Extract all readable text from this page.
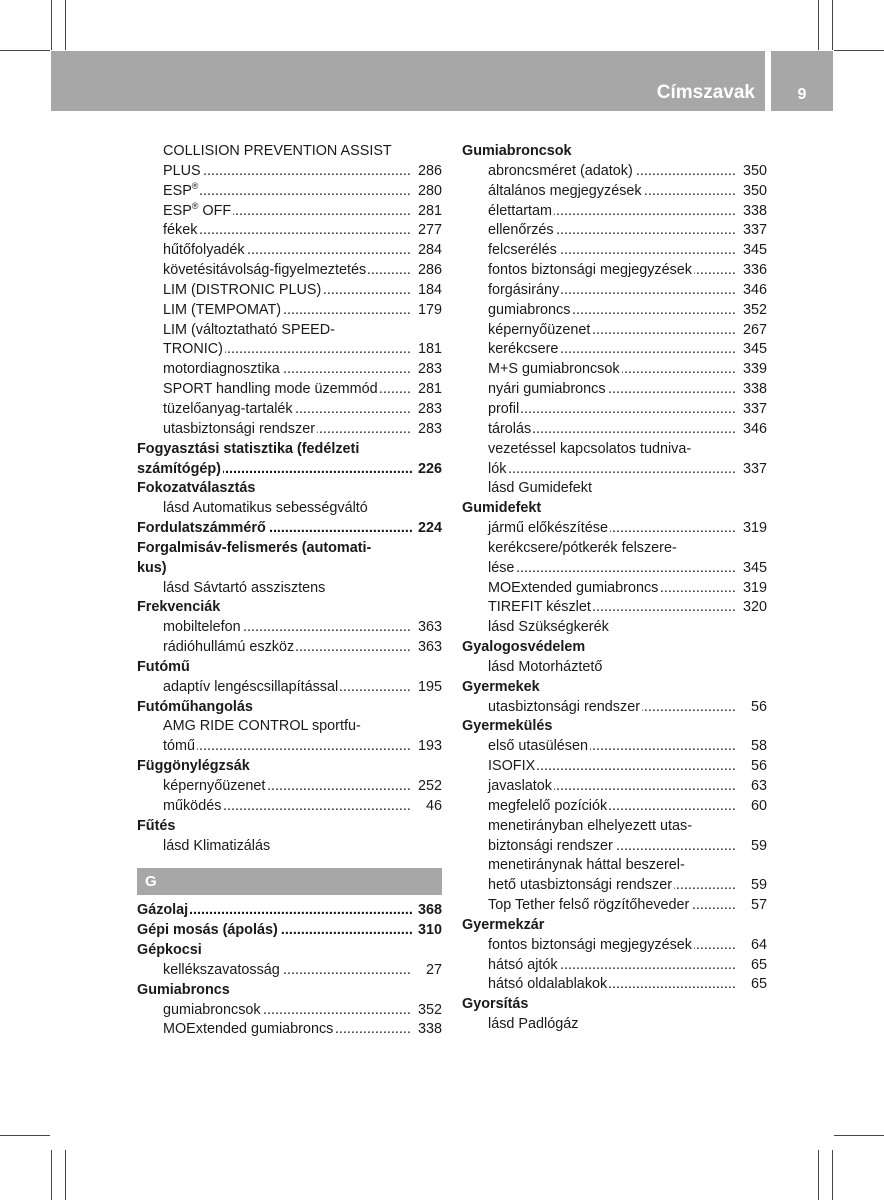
Címszavak	9
COLLISION PREVENTION ASSIST
.....
PLUS	286
.....
ESP®	280
.....
ESP® OFF	281
.....
fékek	277
.....
hűtőfolyadék	284
.....
követésitávolság-figyelmeztetés	286
.....
LIM (DISTRONIC PLUS)	184
.....
LIM (TEMPOMAT)	179
LIM (változtatható SPEED-
.....
TRONIC)	181
.....
motordiagnosztika	283
.....
SPORT handling mode üzemmód	281
.....
tüzelőanyag-tartalék	283
.....
utasbiztonsági rendszer	283
Fogyasztási statisztika (fedélzeti
.....
számítógép)	226
Fokozatválasztás
lásd Automatikus sebességváltó
.....
Fordulatszámmérő	224
Forgalmisáv-felismerés (automati-
kus)
lásd Sávtartó asszisztens
Frekvenciák
.....
mobiltelefon	363
.....
rádióhullámú eszköz	363
Futómű
.....
adaptív lengéscsillapítással	195
Futóműhangolás
AMG RIDE CONTROL sportfu-
.....
tómű	193
Függönylégzsák
.....
képernyőüzenet	252
.....
működés	46
Fűtés
lásd Klimatizálás
G
.....
Gázolaj	368
.....
Gépi mosás (ápolás)	310
Gépkocsi
.....
kellékszavatosság	27
Gumiabroncs
.....
gumiabroncsok	352
.....
MOExtended gumiabroncs	338
Gumiabroncsok
.....
abroncsméret (adatok)	350
.....
általános megjegyzések	350
.....
élettartam	338
.....
ellenőrzés	337
.....
felcserélés	345
.....
fontos biztonsági megjegyzések	336
.....
forgásirány	346
.....
gumiabroncs	352
.....
képernyőüzenet	267
.....
kerékcsere	345
.....
M+S gumiabroncsok	339
.....
nyári gumiabroncs	338
.....
profil	337
.....
tárolás	346
vezetéssel kapcsolatos tudniva-
.....
lók	337
lásd Gumidefekt
Gumidefekt
.....
jármű előkészítése	319
kerékcsere/pótkerék felszere-
.....
lése	345
.....
MOExtended gumiabroncs	319
.....
TIREFIT készlet	320
lásd Szükségkerék
Gyalogosvédelem
lásd Motorháztető
Gyermekek
.....
utasbiztonsági rendszer	56
Gyermekülés
.....
első utasülésen	58
.....
ISOFIX	56
.....
javaslatok	63
.....
megfelelő pozíciók	60
menetirányban elhelyezett utas-
.....
biztonsági rendszer	59
menetiránynak háttal beszerel-
.....
hető utasbiztonsági rendszer	59
.....
Top Tether felső rögzítőheveder	57
Gyermekzár
.....
fontos biztonsági megjegyzések	64
.....
hátsó ajtók	65
.....
hátsó oldalablakok	65
Gyorsítás
lásd Padlógáz
